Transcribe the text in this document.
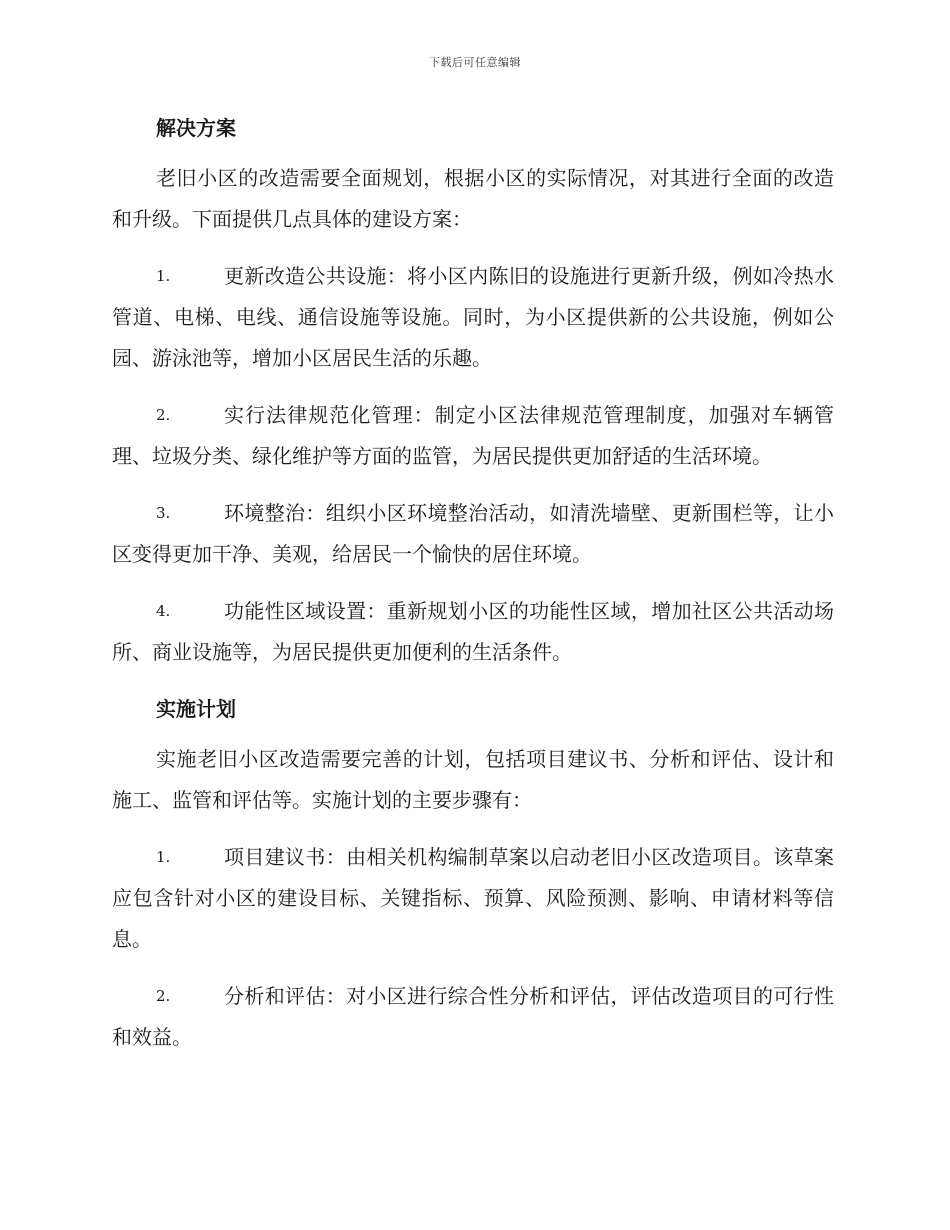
下载后可任意编辑
解决方案

老旧小区的改造需要全面规划，根据小区的实际情况，对其进行全面的改造和升级。下面提供几点具体的建设方案：

1.	更新改造公共设施：将小区内陈旧的设施进行更新升级，例如冷热水管道、电梯、电线、通信设施等设施。同时，为小区提供新的公共设施，例如公园、游泳池等，增加小区居民生活的乐趣。

2.	实行法律规范化管理：制定小区法律规范管理制度，加强对车辆管理、垃圾分类、绿化维护等方面的监管，为居民提供更加舒适的生活环境。

3.	环境整治：组织小区环境整治活动，如清洗墙壁、更新围栏等，让小区变得更加干净、美观，给居民一个愉快的居住环境。

4.	功能性区域设置：重新规划小区的功能性区域，增加社区公共活动场所、商业设施等，为居民提供更加便利的生活条件。

实施计划

实施老旧小区改造需要完善的计划，包括项目建议书、分析和评估、设计和施工、监管和评估等。实施计划的主要步骤有：

1.	项目建议书：由相关机构编制草案以启动老旧小区改造项目。该草案应包含针对小区的建设目标、关键指标、预算、风险预测、影响、申请材料等信息。

2.	分析和评估：对小区进行综合性分析和评估，评估改造项目的可行性和效益。
